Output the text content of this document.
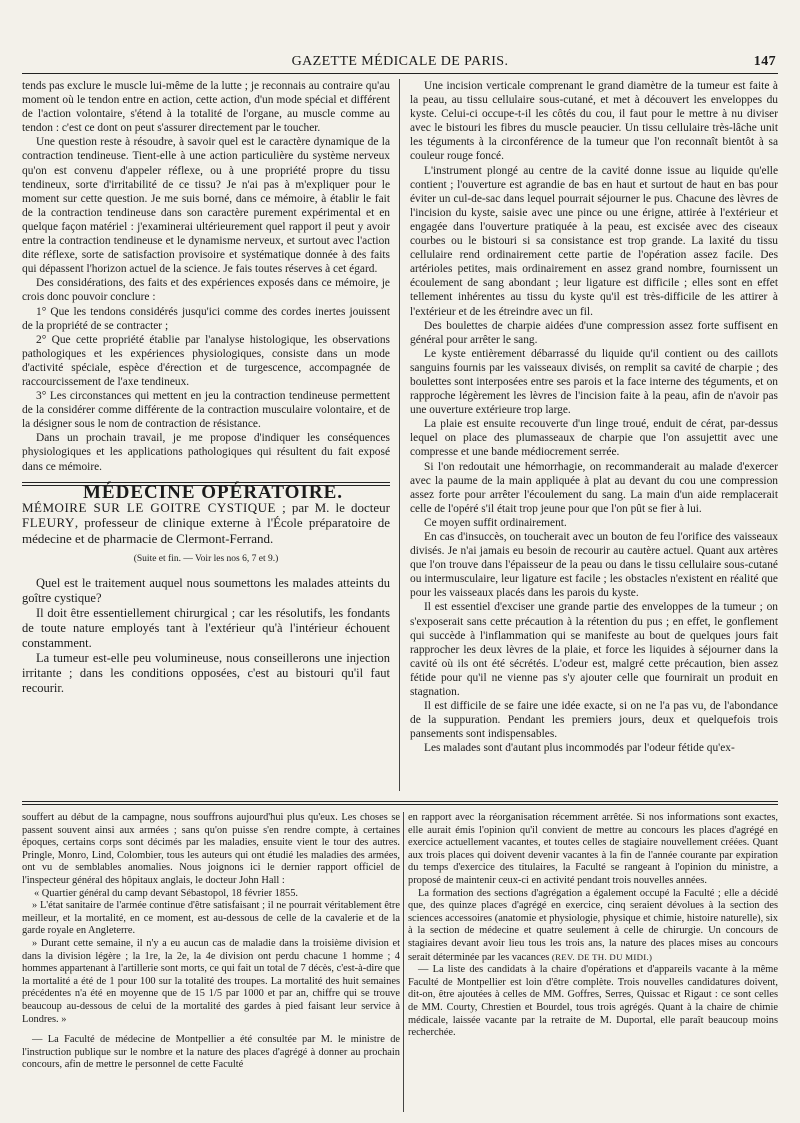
GAZETTE MÉDICALE DE PARIS.	147

tends pas exclure le muscle lui-même de la lutte ; je reconnais au contraire qu'au moment où le tendon entre en action, cette action, d'un mode spécial et différent de l'action volontaire, s'étend à la totalité de l'organe, au muscle comme au tendon : c'est ce dont on peut s'assurer directement par le toucher.

Une question reste à résoudre, à savoir quel est le caractère dynamique de la contraction tendineuse. Tient-elle à une action particulière du système nerveux qu'on est convenu d'appeler réflexe, ou à une propriété propre du tissu tendineux, sorte d'irritabilité de ce tissu? Je n'ai pas à m'expliquer pour le moment sur cette question. Je me suis borné, dans ce mémoire, à établir le fait de la contraction tendineuse dans son caractère purement expérimental et en quelque façon matériel : j'examinerai ultérieurement quel rapport il peut y avoir entre la contraction tendineuse et le dynamisme nerveux, et surtout avec l'action dite réflexe, sorte de satisfaction provisoire et systématique donnée à des faits qui dépassent l'horizon actuel de la science. Je fais toutes réserves à cet égard.

Des considérations, des faits et des expériences exposés dans ce mémoire, je crois donc pouvoir conclure :

1° Que les tendons considérés jusqu'ici comme des cordes inertes jouissent de la propriété de se contracter ;

2° Que cette propriété établie par l'analyse histologique, les observations pathologiques et les expériences physiologiques, consiste dans un mode d'activité spéciale, espèce d'érection et de turgescence, accompagnée de raccourcissement de l'axe tendineux.

3° Les circonstances qui mettent en jeu la contraction tendineuse permettent de la considérer comme différente de la contraction musculaire volontaire, et de la désigner sous le nom de contraction de résistance.

Dans un prochain travail, je me propose d'indiquer les conséquences physiologiques et les applications pathologiques qui résultent du fait exposé dans ce mémoire.

MÉDECINE OPÉRATOIRE.

MÉMOIRE SUR LE GOITRE CYSTIQUE ; par M. le docteur FLEURY, professeur de clinique externe à l'École préparatoire de médecine et de pharmacie de Clermont-Ferrand.

(Suite et fin. — Voir les nos 6, 7 et 9.)

Quel est le traitement auquel nous soumettons les malades atteints du goître cystique?

Il doit être essentiellement chirurgical ; car les résolutifs, les fondants de toute nature employés tant à l'extérieur qu'à l'intérieur échouent constamment.

La tumeur est-elle peu volumineuse, nous conseillerons une injection irritante ; dans les conditions opposées, c'est au bistouri qu'il faut recourir.

Une incision verticale comprenant le grand diamètre de la tumeur est faite à la peau, au tissu cellulaire sous-cutané, et met à découvert les enveloppes du kyste. Celui-ci occupe-t-il les côtés du cou, il faut pour le mettre à nu diviser avec le bistouri les fibres du muscle peaucier. Un tissu cellulaire très-lâche unit les téguments à la circonférence de la tumeur que l'on reconnaît bientôt à sa couleur rouge foncé.

L'instrument plongé au centre de la cavité donne issue au liquide qu'elle contient ; l'ouverture est agrandie de bas en haut et surtout de haut en bas pour éviter un cul-de-sac dans lequel pourrait séjourner le pus. Chacune des lèvres de l'incision du kyste, saisie avec une pince ou une érigne, attirée à l'extérieur et engagée dans l'ouverture pratiquée à la peau, est excisée avec des ciseaux courbes ou le bistouri si sa consistance est trop grande. La laxité du tissu cellulaire rend ordinairement cette partie de l'opération assez facile. Des artérioles petites, mais ordinairement en assez grand nombre, fournissent un écoulement de sang abondant ; leur ligature est difficile ; elles sont en effet tellement inhérentes au tissu du kyste qu'il est très-difficile de les attirer à l'extérieur et de les étreindre avec un fil.

Des boulettes de charpie aidées d'une compression assez forte suffisent en général pour arrêter le sang.

Le kyste entièrement débarrassé du liquide qu'il contient ou des caillots sanguins fournis par les vaisseaux divisés, on remplit sa cavité de charpie ; des boulettes sont interposées entre ses parois et la face interne des téguments, et on rapproche légèrement les lèvres de l'incision faite à la peau, afin de n'avoir pas une ouverture extérieure trop large.

La plaie est ensuite recouverte d'un linge troué, enduit de cérat, par-dessus lequel on place des plumasseaux de charpie que l'on assujettit avec une compresse et une bande médiocrement serrée.

Si l'on redoutait une hémorrhagie, on recommanderait au malade d'exercer avec la paume de la main appliquée à plat au devant du cou une compression assez forte pour arrêter l'écoulement du sang. La main d'un aide remplacerait celle de l'opéré s'il était trop jeune pour que l'on pût se fier à lui.

Ce moyen suffit ordinairement.

En cas d'insuccès, on toucherait avec un bouton de feu l'orifice des vaisseaux divisés. Je n'ai jamais eu besoin de recourir au cautère actuel. Quant aux artères que l'on trouve dans l'épaisseur de la peau ou dans le tissu cellulaire sous-cutané ou intermusculaire, leur ligature est facile ; les obstacles n'existent en réalité que pour les vaisseaux placés dans les parois du kyste.

Il est essentiel d'exciser une grande partie des enveloppes de la tumeur ; on s'exposerait sans cette précaution à la rétention du pus ; en effet, le gonflement qui succède à l'inflammation qui se manifeste au bout de quelques jours fait rapprocher les deux lèvres de la plaie, et force les liquides à séjourner dans la cavité où ils ont été sécrétés. L'odeur est, malgré cette précaution, bien assez fétide pour qu'il ne vienne pas s'y ajouter celle que fournirait un produit en stagnation.

Il est difficile de se faire une idée exacte, si on ne l'a pas vu, de l'abondance de la suppuration. Pendant les premiers jours, deux et quelquefois trois pansements sont indispensables.

Les malades sont d'autant plus incommodés par l'odeur fétide qu'ex-

souffert au début de la campagne, nous souffrons aujourd'hui plus qu'eux. Les choses se passent souvent ainsi aux armées ; sans qu'on puisse s'en rendre compte, à certaines époques, certains corps sont décimés par les maladies, ensuite vient le tour des autres. Pringle, Monro, Lind, Colombier, tous les auteurs qui ont étudié les maladies des armées, ont vu de semblables anomalies. Nous joignons ici le dernier rapport officiel de l'inspecteur général des hôpitaux anglais, le docteur John Hall :

« Quartier général du camp devant Sébastopol, 18 février 1855.

» L'état sanitaire de l'armée continue d'être satisfaisant ; il ne pourrait véritablement être meilleur, et la mortalité, en ce moment, est au-dessous de celle de la cavalerie et de la garde royale en Angleterre.

» Durant cette semaine, il n'y a eu aucun cas de maladie dans la troisième division et dans la division légère ; la 1re, la 2e, la 4e division ont perdu chacune 1 homme ; 4 hommes appartenant à l'artillerie sont morts, ce qui fait un total de 7 décès, c'est-à-dire que la mortalité a été de 1 pour 100 sur la totalité des troupes. La mortalité des huit semaines précédentes n'a été en moyenne que de 15 1/5 par 1000 et par an, chiffre qui se trouve beaucoup au-dessous de celui de la mortalité des gardes à pied faisant leur service à Londres. »

— La Faculté de médecine de Montpellier a été consultée par M. le ministre de l'instruction publique sur le nombre et la nature des places d'agrégé à donner au prochain concours, afin de mettre le personnel de cette Faculté

en rapport avec la réorganisation récemment arrêtée. Si nos informations sont exactes, elle aurait émis l'opinion qu'il convient de mettre au concours les places d'agrégé en exercice actuellement vacantes, et toutes celles de stagiaire nouvellement créées. Quant aux trois places qui doivent devenir vacantes à la fin de l'année courante par expiration du temps d'exercice des titulaires, la Faculté se rangeant à l'opinion du ministre, a proposé de maintenir ceux-ci en activité pendant trois nouvelles années.

La formation des sections d'agrégation a également occupé la Faculté ; elle a décidé que, des quinze places d'agrégé en exercice, cinq seraient dévolues à la section des sciences accessoires (anatomie et physiologie, physique et chimie, histoire naturelle), six à la section de médecine et quatre seulement à celle de chirurgie. Un concours de stagiaires devant avoir lieu tous les trois ans, la nature des places mises au concours serait déterminée par les vacances (REV. DE TH. DU MIDI.)

— La liste des candidats à la chaire d'opérations et d'appareils vacante à la même Faculté de Montpellier est loin d'être complète. Trois nouvelles candidatures doivent, dit-on, être ajoutées à celles de MM. Goffres, Serres, Quissac et Rigaut : ce sont celles de MM. Courty, Chrestien et Bourdel, tous trois agrégés. Quant à la chaire de chimie médicale, laissée vacante par la retraite de M. Duportal, elle paraît beaucoup moins recherchée.
